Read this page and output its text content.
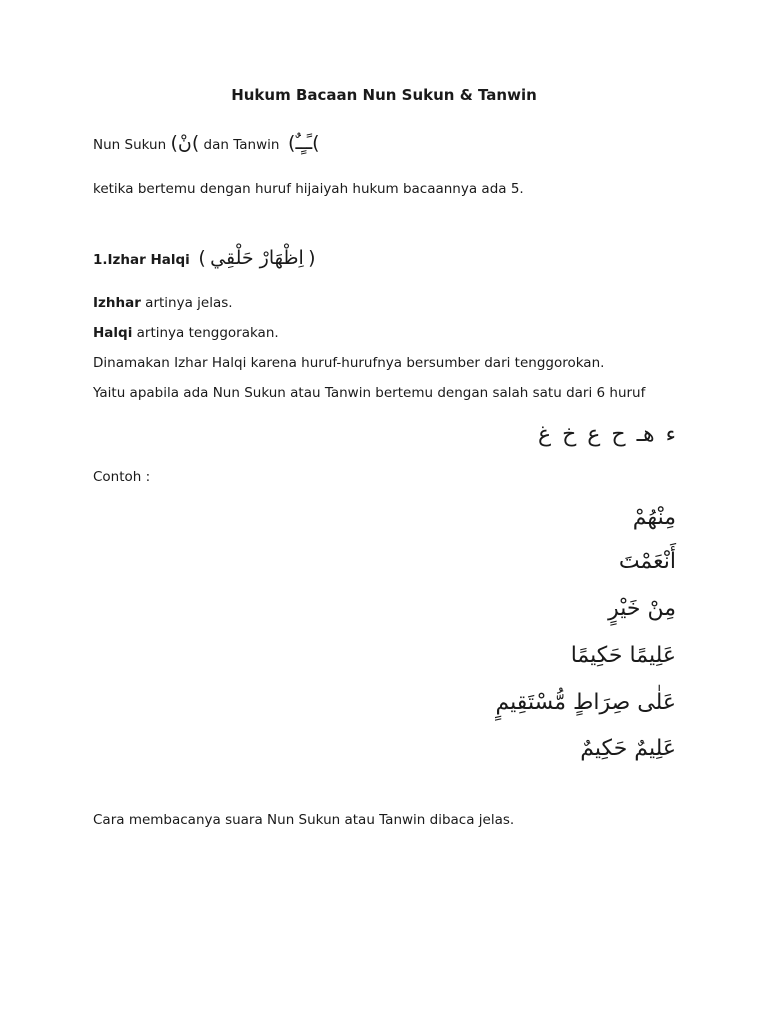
Hukum Bacaan Nun Sukun & Tanwin
Nun Sukun (نْ( dan Tanwin (ـًـٍـٌ(
ketika bertemu dengan huruf hijaiyah hukum bacaannya ada 5.
1.Izhar Halqi ( اِظْهَارْ حَلْقِي )
Izhhar artinya jelas.
Halqi artinya tenggorakan.
Dinamakan Izhar Halqi karena huruf-hurufnya bersumber dari tenggorokan.
Yaitu apabila ada Nun Sukun atau Tanwin bertemu dengan salah satu dari 6 huruf
ء هـ ح ع خ غ
Contoh :
مِنْهُمْ
أَنْعَمْتَ
مِنْ خَيْرٍ
عَلِيمًا حَكِيمًا
عَلٰى صِرَاطٍ مُّسْتَقِيمٍ
عَلِيمٌ حَكِيمٌ
Cara membacanya suara Nun Sukun atau Tanwin dibaca jelas.
